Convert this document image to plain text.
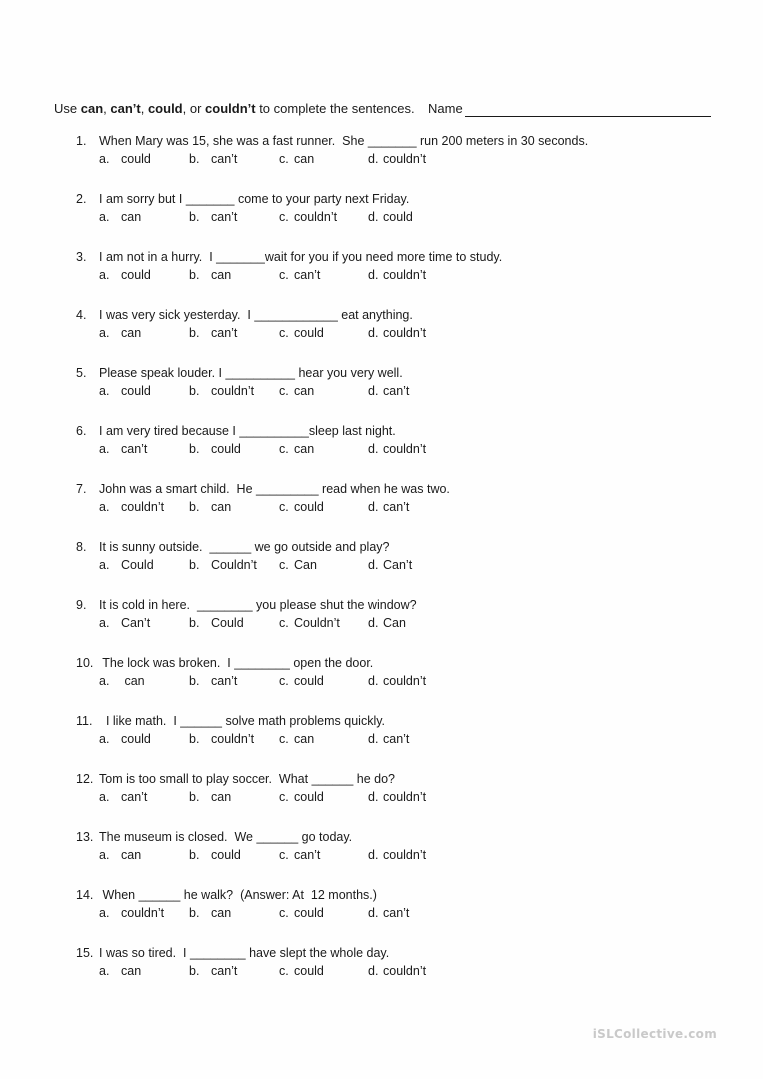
Use can, can’t, could, or couldn’t to complete the sentences. Name
1.	When Mary was 15, she was a fast runner.  She _______ run 200 meters in 30 seconds.
a. could	b. can’t	c. can	d. couldn’t
2.	I am sorry but I _______ come to your party next Friday.
a. can	b. can’t	c. couldn’t	d. could
3.	I am not in a hurry.  I _______wait for you if you need more time to study.
a. could	b. can	c. can’t	d. couldn’t
4.	I was very sick yesterday.  I ____________ eat anything.
a. can	b. can’t	c. could	d. couldn’t
5.	Please speak louder. I __________ hear you very well.
a. could	b. couldn’t	c. can	d. can’t
6.	I am very tired because I __________sleep last night.
a. can’t	b. could	c. can	d. couldn’t
7.	John was a smart child.  He _________ read when he was two.
a. couldn’t	b. can	c. could	d. can’t
8.	It is sunny outside.  ______ we go outside and play?
a. Could	b. Couldn’t	c. Can	d. Can’t
9.	It is cold in here.  ________ you please shut the window?
a. Can’t	b. Could	c. Couldn’t	d. Can
10. The lock was broken.  I ________ open the door.
a. can	b. can’t	c. could	d. couldn’t
11. I like math.  I ______ solve math problems quickly.
a. could	b. couldn’t	c. can	d. can’t
12. Tom is too small to play soccer.  What ______ he do?
a. can’t	b. can	c. could	d. couldn’t
13. The museum is closed.  We ______ go today.
a. can	b. could	c. can’t	d. couldn’t
14. When ______ he walk?  (Answer: At  12 months.)
a. couldn’t	b. can	c. could	d. can’t
15. I was so tired.  I ________ have slept the whole day.
a. can	b. can’t	c. could	d. couldn’t
iSLCollective.com
